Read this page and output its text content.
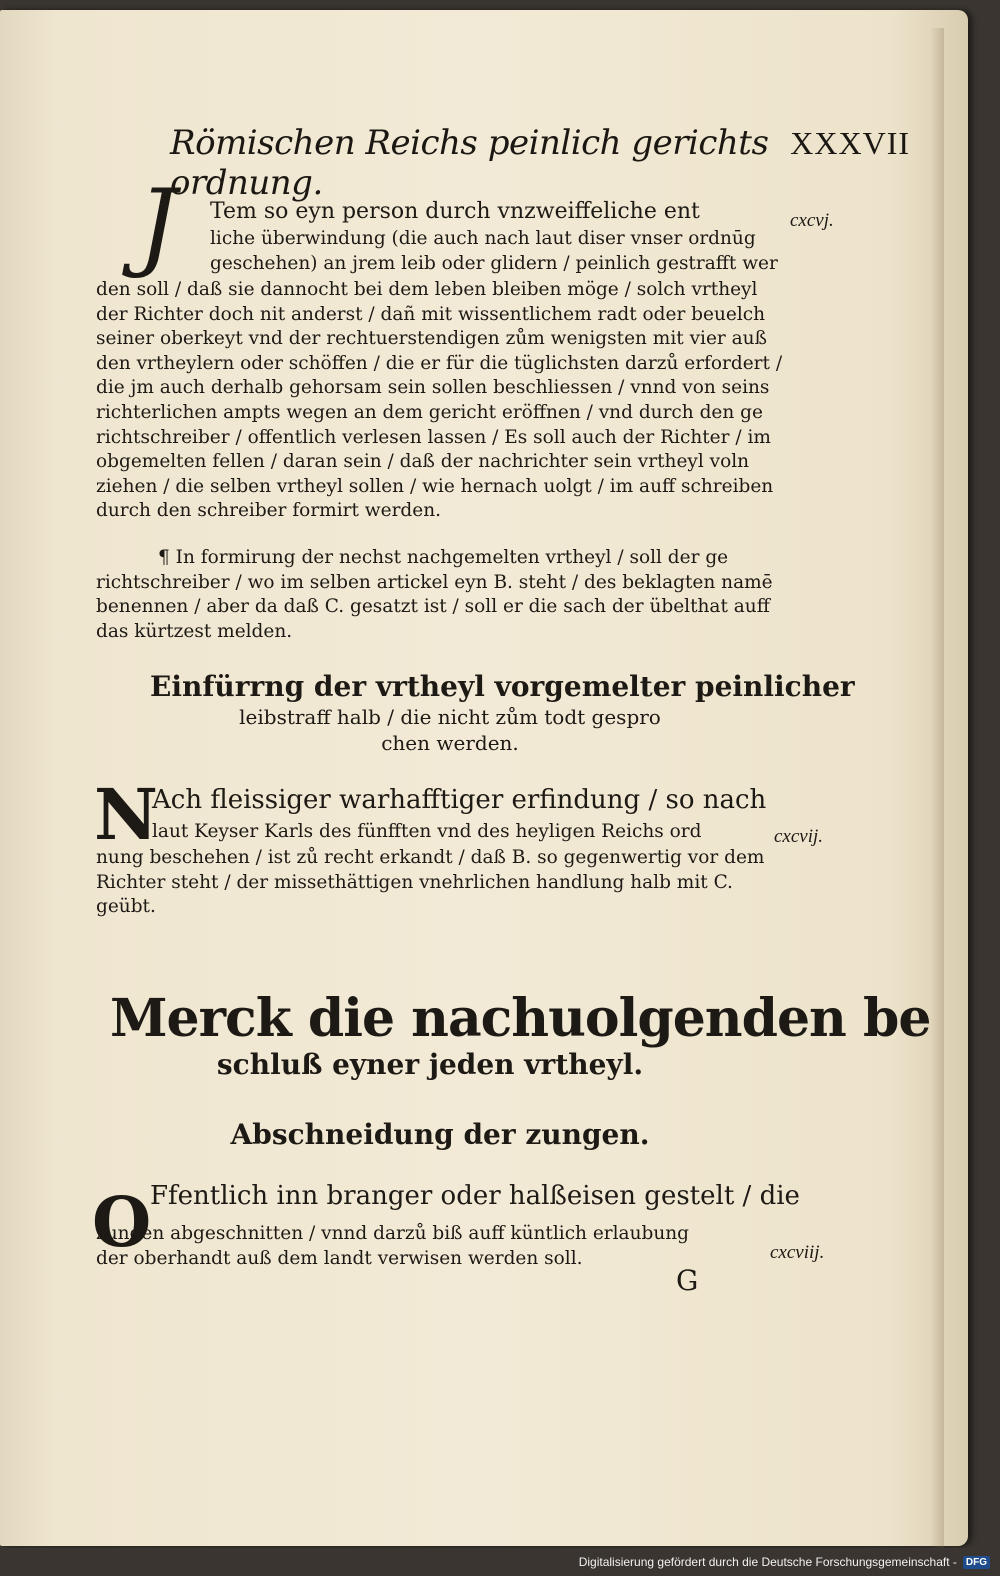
Römischen Reichs peinlich gerichts ordnung.
XXXVII
J	Tem so eyn person durch vnzweiffeliche ent
liche überwindung (die auch nach laut diser vnser ordnūg
geschehen) an jrem leib oder glidern / peinlich gestrafft wer
den soll / daß sie dannocht bei dem leben bleiben möge / solch vrtheyl
der Richter doch nit anderst / dañ mit wissentlichem radt oder beuelch
seiner oberkeyt vnd der rechtuerstendigen zům wenigsten mit vier auß
den vrtheylern oder schöffen / die er für die tüglichsten darzů erfordert /
die jm auch derhalb gehorsam sein sollen beschliessen / vnnd von seins
richterlichen ampts wegen an dem gericht eröffnen / vnd durch den ge
richtschreiber / offentlich verlesen lassen / Es soll auch der Richter / im
obgemelten fellen / daran sein / daß der nachrichter sein vrtheyl voln
ziehen / die selben vrtheyl sollen / wie hernach uolgt / im auff schreiben
durch den schreiber formirt werden.
cxcvj.
¶ In formirung der nechst nachgemelten vrtheyl / soll der ge
richtschreiber / wo im selben artickel eyn B. steht / des beklagten namē
benennen / aber da daß C. gesatzt ist / soll er die sach der übelthat auff
das kürtzest melden.
Einfürrng der vrtheyl vorgemelter peinlicher
leibstraff halb / die nicht zům todt gespro
chen werden.
N
Ach fleissiger warhafftiger erfindung / so nach
laut Keyser Karls des fünfften vnd des heyligen Reichs ord
nung beschehen / ist zů recht erkandt / daß B. so gegenwertig vor dem
Richter steht / der missethättigen vnehrlichen handlung halb mit C.
geübt.
cxcvij.
Merck die nachuolgenden be
schluß eyner jeden vrtheyl.
Abschneidung der zungen.
O
Ffentlich inn branger oder halßeisen gestelt / die
zungen abgeschnitten / vnnd darzů biß auff küntlich erlaubung
der oberhandt auß dem landt verwisen werden soll.	cxcviij.
G
Digitalisierung gefördert durch die Deutsche Forschungsgemeinschaft - DFG
